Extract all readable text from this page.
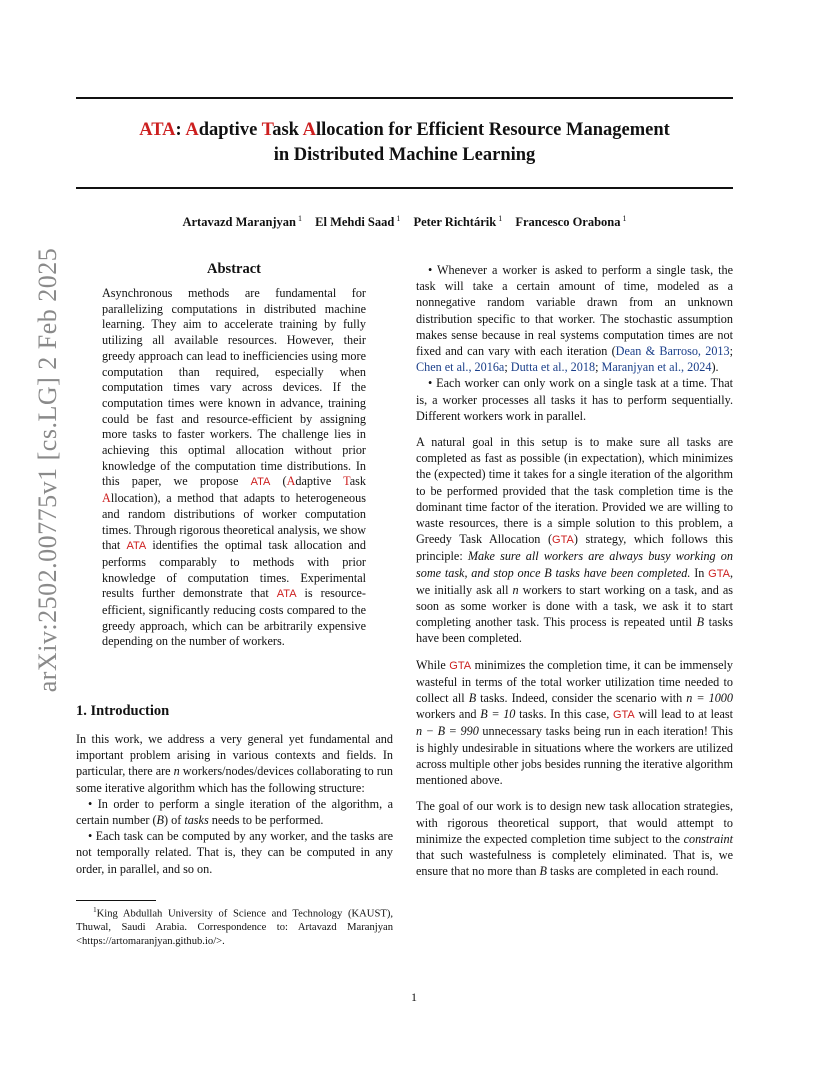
ATA: Adaptive Task Allocation for Efficient Resource Management
in Distributed Machine Learning
Artavazd Maranjyan $^1$ El Mehdi Saad $^1$ Peter Richtárik $^1$ Francesco Orabona $^1$
arXiv:2502.00775v1 [cs.LG] 2 Feb 2025	Abstract
Asynchronous methods are fundamental for parallelizing computations in distributed machine learning. They aim to accelerate training by fully utilizing all available resources. However, their greedy approach can lead to inefficiencies using more computation than required, especially when computation times vary across devices. If the computation times were known in advance, training could be fast and resource-efficient by assigning more tasks to faster workers. The challenge lies in achieving this optimal allocation without prior knowledge of the computation time distributions. In this paper, we propose ATA (Adaptive Task Allocation), a method that adapts to heterogeneous and random distributions of worker computation times. Through rigorous theoretical analysis, we show that ATA identifies the optimal task allocation and performs comparably to methods with prior knowledge of computation times. Experimental results further demonstrate that ATA is resource-efficient, significantly reducing costs compared to the greedy approach, which can be arbitrarily expensive depending on the number of workers.
1. Introduction

In this work, we address a very general yet fundamental and important problem arising in various contexts and fields. In particular, there are n workers/nodes/devices collaborating to run some iterative algorithm which has the following structure:

• In order to perform a single iteration of the algorithm, a certain number (B) of tasks needs to be performed.

• Each task can be computed by any worker, and the tasks are not temporally related. That is, they can be computed in any order, in parallel, and so on.

$^1$King Abdullah University of Science and Technology (KAUST), Thuwal, Saudi Arabia. Correspondence to: Artavazd Maranjyan <https://artomaranjyan.github.io/>.

• Whenever a worker is asked to perform a single task, the task will take a certain amount of time, modeled as a nonnegative random variable drawn from an unknown distribution specific to that worker. The stochastic assumption makes sense because in real systems computation times are not fixed and can vary with each iteration (Dean & Barroso, 2013; Chen et al., 2016a; Dutta et al., 2018; Maranjyan et al., 2024).

• Each worker can only work on a single task at a time. That is, a worker processes all tasks it has to perform sequentially. Different workers work in parallel.

A natural goal in this setup is to make sure all tasks are completed as fast as possible (in expectation), which minimizes the (expected) time it takes for a single iteration of the algorithm to be performed provided that the task completion time is the dominant time factor of the iteration. Provided we are willing to waste resources, there is a simple solution to this problem, a Greedy Task Allocation (GTA) strategy, which follows this principle: Make sure all workers are always busy working on some task, and stop once B tasks have been completed. In GTA, we initially ask all n workers to start working on a task, and as soon as some worker is done with a task, we ask it to start completing another task. This process is repeated until B tasks have been completed.

While GTA minimizes the completion time, it can be immensely wasteful in terms of the total worker utilization time needed to collect all B tasks. Indeed, consider the scenario with n = 1000 workers and B = 10 tasks. In this case, GTA will lead to at least n − B = 990 unnecessary tasks being run in each iteration! This is highly undesirable in situations where the workers are utilized across multiple other jobs besides running the iterative algorithm mentioned above.

The goal of our work is to design new task allocation strategies, with rigorous theoretical support, that would attempt to minimize the expected completion time subject to the constraint that such wastefulness is completely eliminated. That is, we ensure that no more than B tasks are completed in each round.

1
